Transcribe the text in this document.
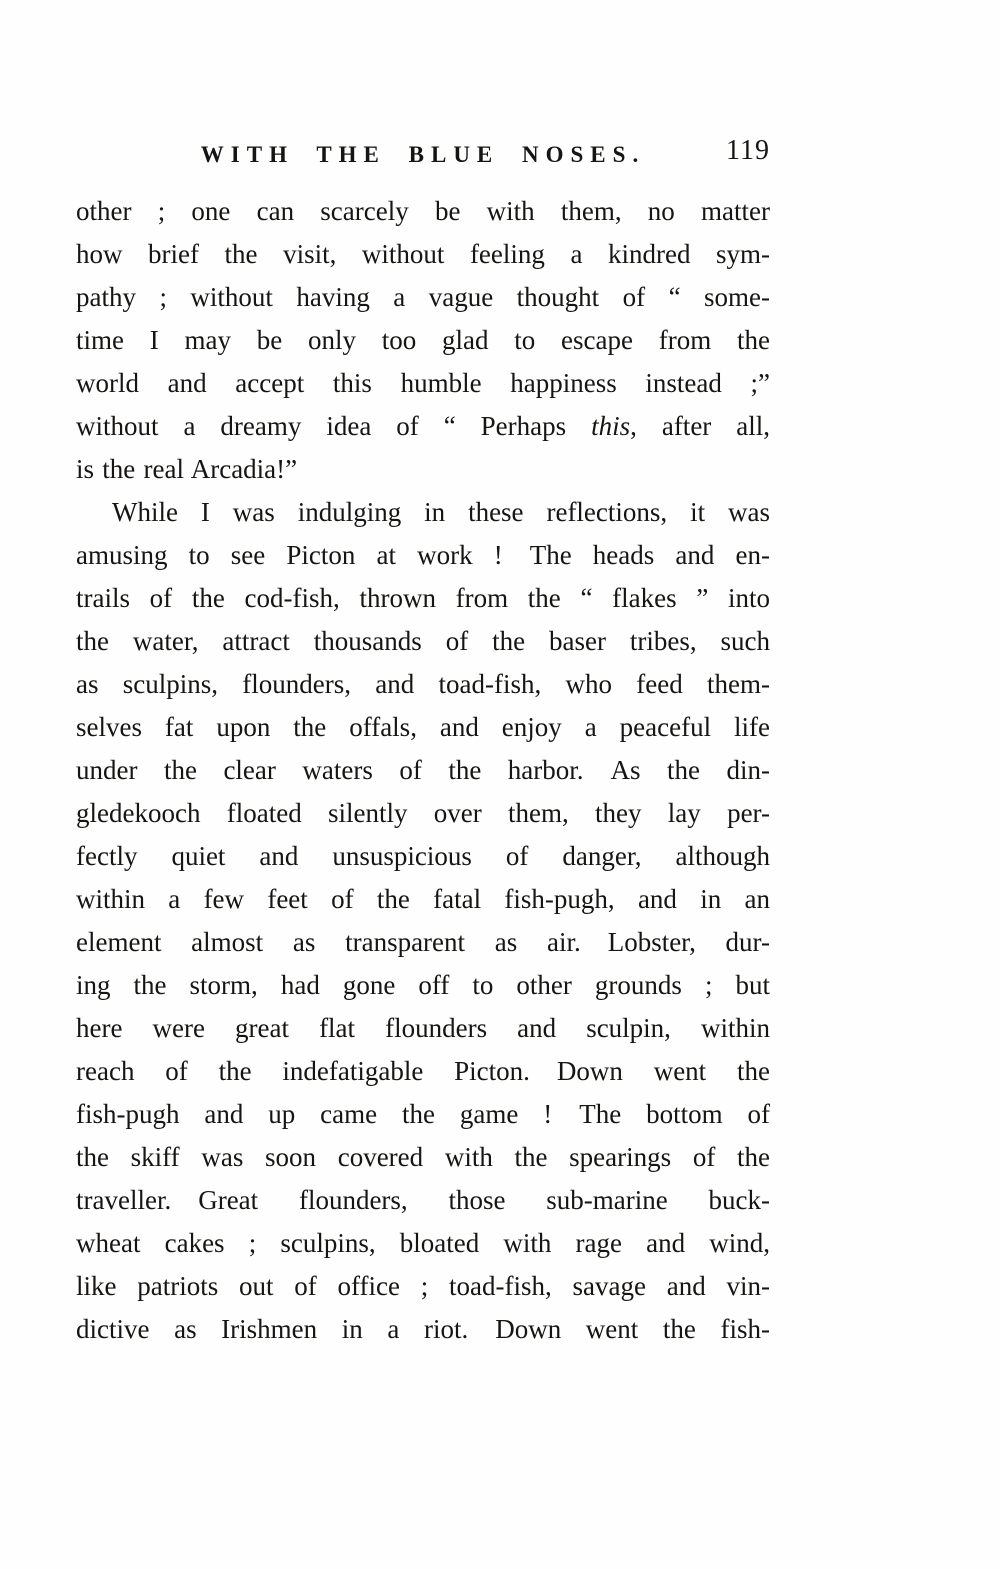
WITH THE BLUE NOSES.	119
other ; one can scarcely be with them, no matter
how brief the visit, without feeling a kindred sym-
pathy ; without having a vague thought of “ some-
time I may be only too glad to escape from the
world and accept this humble happiness instead ;”
without a dreamy idea of “ Perhaps this, after all,
is the real Arcadia!”
While I was indulging in these reflections, it was
amusing to see Picton at work ! The heads and en-
trails of the cod-fish, thrown from the “ flakes ” into
the water, attract thousands of the baser tribes, such
as sculpins, flounders, and toad-fish, who feed them-
selves fat upon the offals, and enjoy a peaceful life
under the clear waters of the harbor. As the din-
gledekooch floated silently over them, they lay per-
fectly quiet and unsuspicious of danger, although
within a few feet of the fatal fish-pugh, and in an
element almost as transparent as air. Lobster, dur-
ing the storm, had gone off to other grounds ; but
here were great flat flounders and sculpin, within
reach of the indefatigable Picton. Down went the
fish-pugh and up came the game ! The bottom of
the skiff was soon covered with the spearings of the
traveller. Great flounders, those sub-marine buck-
wheat cakes ; sculpins, bloated with rage and wind,
like patriots out of office ; toad-fish, savage and vin-
dictive as Irishmen in a riot. Down went the fish-
